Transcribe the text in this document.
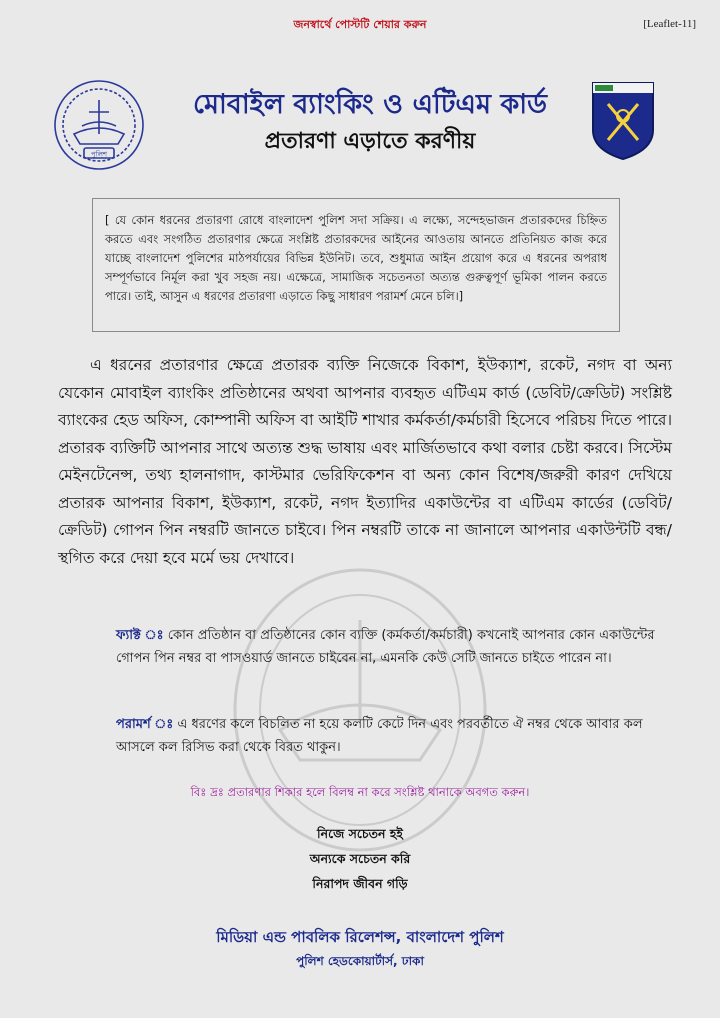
জনস্বার্থে পোস্টটি শেয়ার করুন	[Leaflet-11]
পুলিশ
মোবাইল ব্যাংকিং ও এটিএম কার্ড
প্রতারণা এড়াতে করণীয়
[ যে কোন ধরনের প্রতারণা রোধে বাংলাদেশ পুলিশ সদা সক্রিয়। এ লক্ষ্যে, সন্দেহভাজন প্রতারকদের চিহ্নিত করতে এবং সংগঠিত প্রতারণার ক্ষেত্রে সংশ্লিষ্ট প্রতারকদের আইনের আওতায় আনতে প্রতিনিয়ত কাজ করে যাচ্ছে বাংলাদেশ পুলিশের মাঠপর্যায়ের বিভিন্ন ইউনিট। তবে, শুধুমাত্র আইন প্রয়োগ করে এ ধরনের অপরাধ সম্পূর্ণভাবে নির্মূল করা খুব সহজ নয়। এক্ষেত্রে, সামাজিক সচেতনতা অত্যন্ত গুরুত্বপূর্ণ ভূমিকা পালন করতে পারে। তাই, আসুন এ ধরণের প্রতারণা এড়াতে কিছু সাধারণ পরামর্শ মেনে চলি।]
এ ধরনের প্রতারণার ক্ষেত্রে প্রতারক ব্যক্তি নিজেকে বিকাশ, ইউক্যাশ, রকেট, নগদ বা অন্য যেকোন মোবাইল ব্যাংকিং প্রতিষ্ঠানের অথবা আপনার ব্যবহৃত এটিএম কার্ড (ডেবিট/ক্রেডিট) সংশ্লিষ্ট ব্যাংকের হেড অফিস, কোম্পানী অফিস বা আইটি শাখার কর্মকর্তা/কর্মচারী হিসেবে পরিচয় দিতে পারে। প্রতারক ব্যক্তিটি আপনার সাথে অত্যন্ত শুদ্ধ ভাষায় এবং মার্জিতভাবে কথা বলার চেষ্টা করবে। সিস্টেম মেইনটেনেন্স, তথ্য হালনাগাদ, কাস্টমার ভেরিফিকেশন বা অন্য কোন বিশেষ/জরুরী কারণ দেখিয়ে প্রতারক আপনার বিকাশ, ইউক্যাশ, রকেট, নগদ ইত্যাদির একাউন্টের বা এটিএম কার্ডের (ডেবিট/ক্রেডিট) গোপন পিন নম্বরটি জানতে চাইবে। পিন নম্বরটি তাকে না জানালে আপনার একাউন্টটি বন্ধ/স্থগিত করে দেয়া হবে মর্মে ভয় দেখাবে।
ফ্যাক্ট ঃ কোন প্রতিষ্ঠান বা প্রতিষ্ঠানের কোন ব্যক্তি (কর্মকর্তা/কর্মচারী) কখনোই আপনার কোন একাউন্টের গোপন পিন নম্বর বা পাসওয়ার্ড জানতে চাইবেন না, এমনকি কেউ সেটি জানতে চাইতে পারেন না।
পরামর্শ ঃ এ ধরণের কলে বিচলিত না হয়ে কলটি কেটে দিন এবং পরবর্তীতে ঐ নম্বর থেকে আবার কল আসলে কল রিসিভ করা থেকে বিরত থাকুন।
বিঃ দ্রঃ প্রতারণার শিকার হলে বিলম্ব না করে সংশ্লিষ্ট থানাকে অবগত করুন।
নিজে সচেতন হই
অন্যকে সচেতন করি
নিরাপদ জীবন গড়ি
মিডিয়া এন্ড পাবলিক রিলেশন্স, বাংলাদেশ পুলিশ
পুলিশ হেডকোয়ার্টার্স, ঢাকা
